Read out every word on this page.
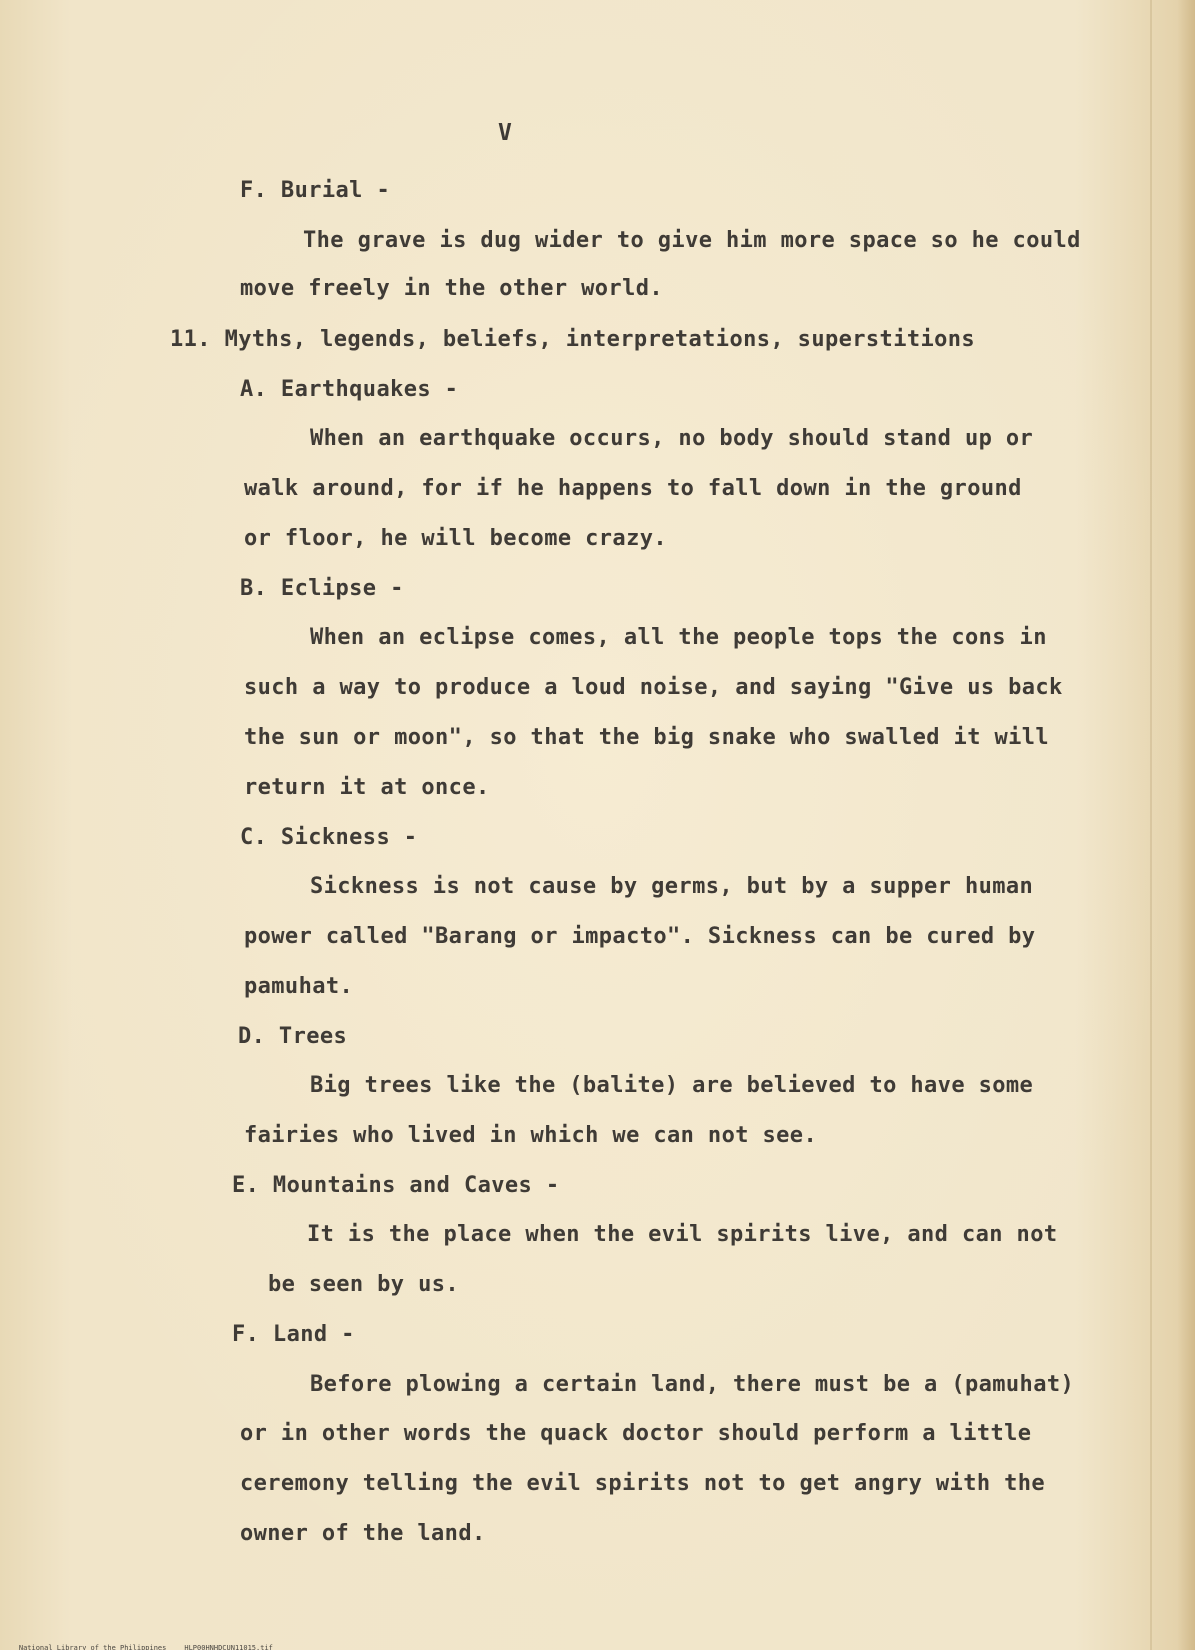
V
F. Burial -
The grave is dug wider to give him more space so he could
move freely in the other world.
11. Myths, legends, beliefs, interpretations, superstitions
A. Earthquakes -
When an earthquake occurs, no body should stand up or
walk around, for if he happens to fall down in the ground
or floor, he will become crazy.
B. Eclipse -
When an eclipse comes, all the people tops the cons in
such a way to produce a loud noise, and saying "Give us back
the sun or moon", so that the big snake who swalled it will
return it at once.
C. Sickness -
Sickness is not cause by germs, but by a supper human
power called "Barang or impacto". Sickness can be cured by
pamuhat.
D. Trees
Big trees like the (balite) are believed to have some
fairies who lived in which we can not see.
E. Mountains and Caves -
It is the place when the evil spirits live, and can not
be seen by us.
F. Land -
Before plowing a certain land, there must be a (pamuhat)
or in other words the quack doctor should perform a little
ceremony telling the evil spirits not to get angry with the
owner of the land.

National Library of the Philippines	HLP00HNHDCUN11015.tif
